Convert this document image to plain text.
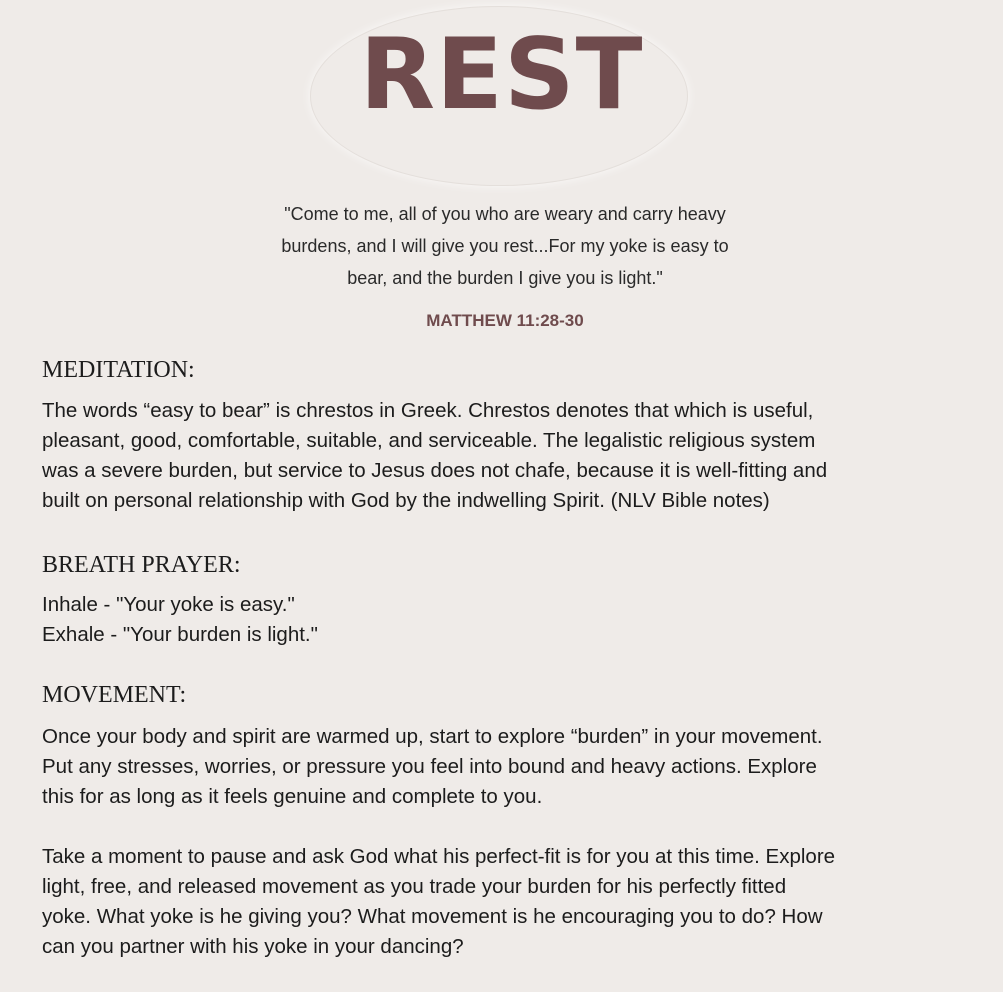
REST
"Come to me, all of you who are weary and carry heavy
burdens, and I will give you rest...For my yoke is easy to
bear, and the burden I give you is light."
MATTHEW 11:28-30
MEDITATION:
The words “easy to bear” is chrestos in Greek. Chrestos denotes that which is useful,
pleasant, good, comfortable, suitable, and serviceable. The legalistic religious system
was a severe burden, but service to Jesus does not chafe, because it is well-fitting and
built on personal relationship with God by the indwelling Spirit. (NLV Bible notes)
BREATH PRAYER:
Inhale - "Your yoke is easy."
Exhale - "Your burden is light."
MOVEMENT:
Once your body and spirit are warmed up, start to explore “burden” in your movement.
Put any stresses, worries, or pressure you feel into bound and heavy actions. Explore
this for as long as it feels genuine and complete to you.
Take a moment to pause and ask God what his perfect-fit is for you at this time. Explore
light, free, and released movement as you trade your burden for his perfectly fitted
yoke. What yoke is he giving you? What movement is he encouraging you to do? How
can you partner with his yoke in your dancing?
